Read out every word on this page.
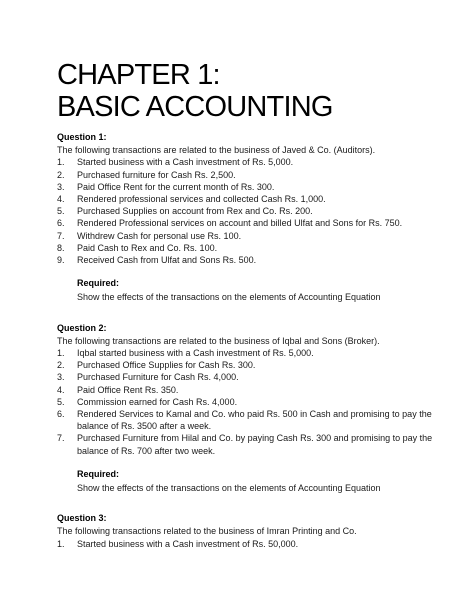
CHAPTER 1:
BASIC ACCOUNTING

Question 1:

The following transactions are related to the business of Javed & Co. (Auditors).

1. Started business with a Cash investment of Rs. 5,000.
2. Purchased furniture for Cash Rs. 2,500.
3. Paid Office Rent for the current month of Rs. 300.
4. Rendered professional services and collected Cash Rs. 1,000.
5. Purchased Supplies on account from Rex and Co. Rs. 200.
6. Rendered Professional services on account and billed Ulfat and Sons for Rs. 750.
7. Withdrew Cash for personal use Rs. 100.
8. Paid Cash to Rex and Co. Rs. 100.
9. Received Cash from Ulfat and Sons Rs. 500.
Required:
Show the effects of the transactions on the elements of Accounting Equation

Question 2:

The following transactions are related to the business of Iqbal and Sons (Broker).

1. Iqbal started business with a Cash investment of Rs. 5,000.
2. Purchased Office Supplies for Cash Rs. 300.
3. Purchased Furniture for Cash Rs. 4,000.
4. Paid Office Rent Rs. 350.
5. Commission earned for Cash Rs. 4,000.
6. Rendered Services to Kamal and Co. who paid Rs. 500 in Cash and promising to pay the balance of Rs. 3500 after a week.
7. Purchased Furniture from Hilal and Co. by paying Cash Rs. 300 and promising to pay the balance of Rs. 700 after two week.
Required:
Show the effects of the transactions on the elements of Accounting Equation

Question 3:

The following transactions related to the business of Imran Printing and Co.

1. Started business with a Cash investment of Rs. 50,000.
